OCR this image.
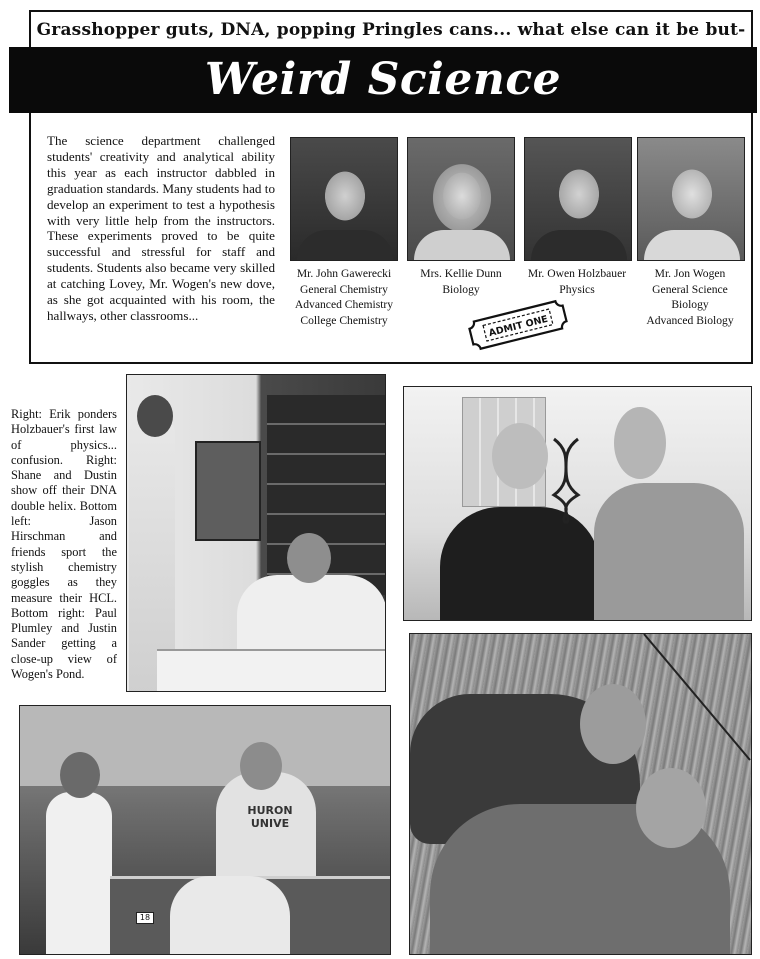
Grasshopper guts, DNA, popping Pringles cans... what else can it be but-
Weird Science

The science department challenged students' creativity and analytical ability this year as each instructor dabbled in graduation standards. Many students had to develop an experiment to test a hypothesis with very little help from the instructors. These experiments proved to be quite successful and stressful for staff and students. Students also became very skilled at catching Lovey, Mr. Wogen's new dove, as she got acquainted with his room, the hallways, other classrooms...

Mr. John Gawerecki
General Chemistry
Advanced Chemistry
College Chemistry
Mrs. Kellie Dunn
Biology
Mr. Owen Holzbauer
Physics
Mr. Jon Wogen
General Science
Biology
Advanced Biology
ADMIT ONE

Right: Erik ponders Holzbauer's first law of physics... confusion. Right: Shane and Dustin show off their DNA double helix. Bottom left: Jason Hirschman and friends sport the stylish chemistry goggles as they measure their HCL. Bottom right: Paul Plumley and Justin Sander getting a close-up view of Wogen's Pond.

HURON UNIVE
18
